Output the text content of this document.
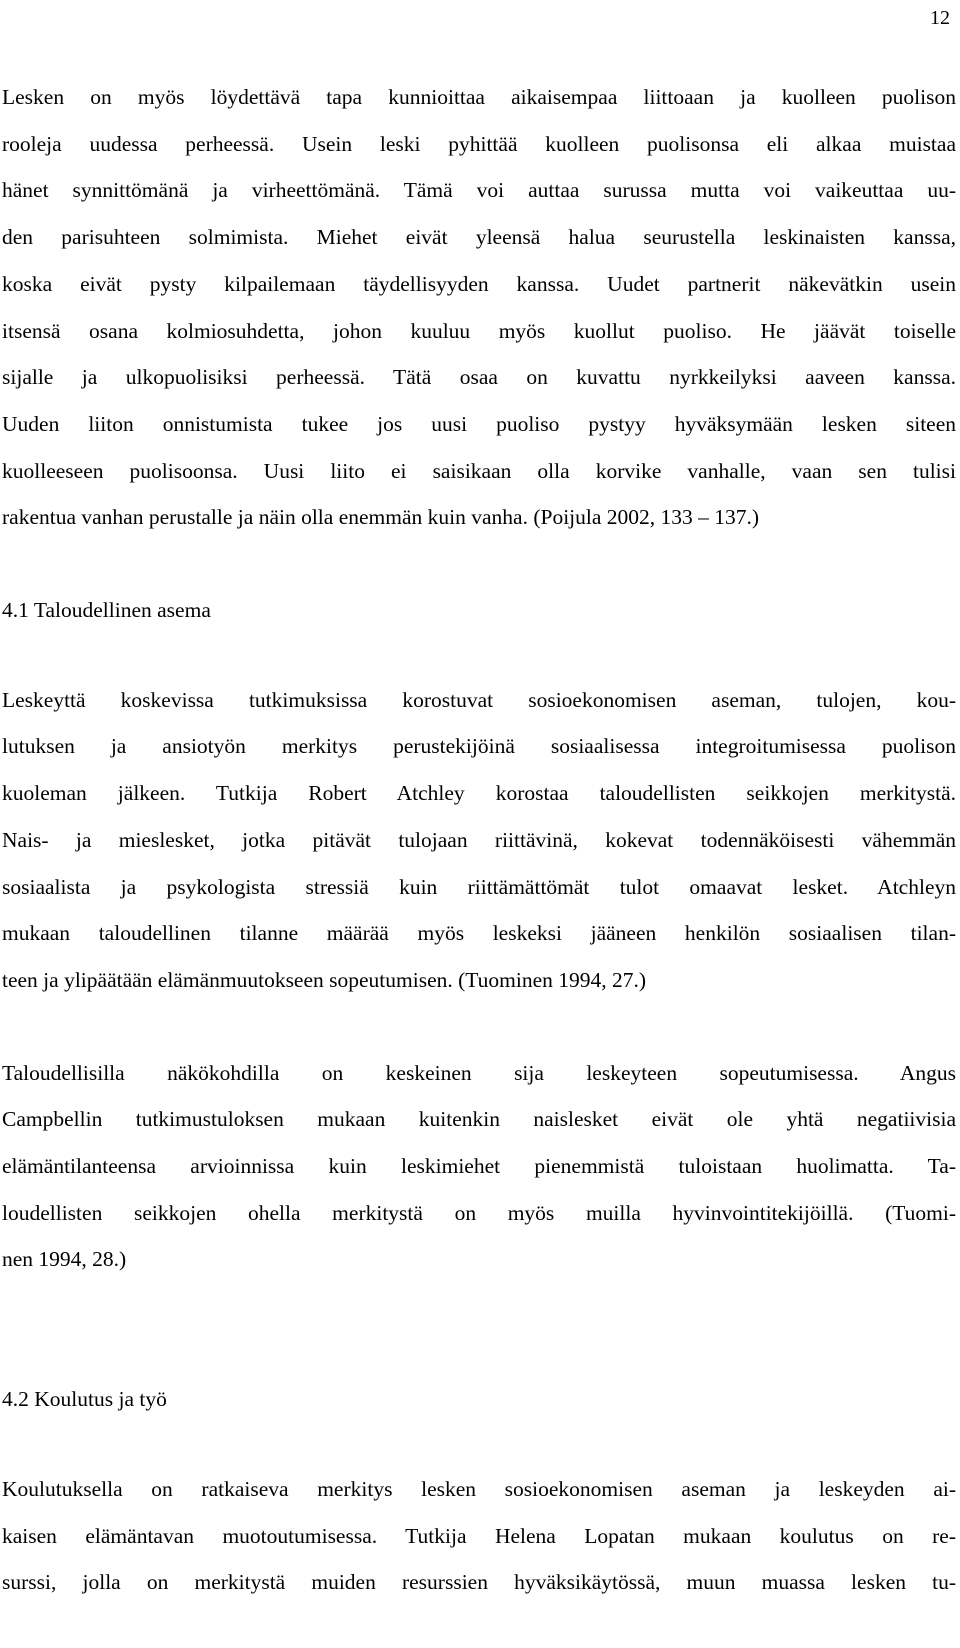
12

Lesken on myös löydettävä tapa kunnioittaa aikaisempaa liittoaan ja kuolleen puolison
rooleja uudessa perheessä. Usein leski pyhittää kuolleen puolisonsa eli alkaa muistaa
hänet synnittömänä ja virheettömänä. Tämä voi auttaa surussa mutta voi vaikeuttaa uu-
den parisuhteen solmimista. Miehet eivät yleensä halua seurustella leskinaisten kanssa,
koska eivät pysty kilpailemaan täydellisyyden kanssa. Uudet partnerit näkevätkin usein
itsensä osana kolmiosuhdetta, johon kuuluu myös kuollut puoliso. He jäävät toiselle
sijalle ja ulkopuolisiksi perheessä. Tätä osaa on kuvattu nyrkkeilyksi aaveen kanssa.
Uuden liiton onnistumista tukee jos uusi puoliso pystyy hyväksymään lesken siteen
kuolleeseen puolisoonsa. Uusi liito ei saisikaan olla korvike vanhalle, vaan sen tulisi
rakentua vanhan perustalle ja näin olla enemmän kuin vanha. (Poijula 2002, 133 – 137.)

4.1 Taloudellinen asema

Leskeyttä koskevissa tutkimuksissa korostuvat sosioekonomisen aseman, tulojen, kou-
lutuksen ja ansiotyön merkitys perustekijöinä sosiaalisessa integroitumisessa puolison
kuoleman jälkeen. Tutkija Robert Atchley korostaa taloudellisten seikkojen merkitystä.
Nais- ja mieslesket, jotka pitävät tulojaan riittävinä, kokevat todennäköisesti vähemmän
sosiaalista ja psykologista stressiä kuin riittämättömät tulot omaavat lesket. Atchleyn
mukaan taloudellinen tilanne määrää myös leskeksi jääneen henkilön sosiaalisen tilan-
teen ja ylipäätään elämänmuutokseen sopeutumisen. (Tuominen 1994, 27.)

Taloudellisilla näkökohdilla on keskeinen sija leskeyteen sopeutumisessa. Angus
Campbellin tutkimustuloksen mukaan kuitenkin naislesket eivät ole yhtä negatiivisia
elämäntilanteensa arvioinnissa kuin leskimiehet pienemmistä tuloistaan huolimatta. Ta-
loudellisten seikkojen ohella merkitystä on myös muilla hyvinvointitekijöillä. (Tuomi-
nen 1994, 28.)

4.2 Koulutus ja työ

Koulutuksella on ratkaiseva merkitys lesken sosioekonomisen aseman ja leskeyden ai-
kaisen elämäntavan muotoutumisessa. Tutkija Helena Lopatan mukaan koulutus on re-
surssi, jolla on merkitystä muiden resurssien hyväksikäytössä, muun muassa lesken tu-
